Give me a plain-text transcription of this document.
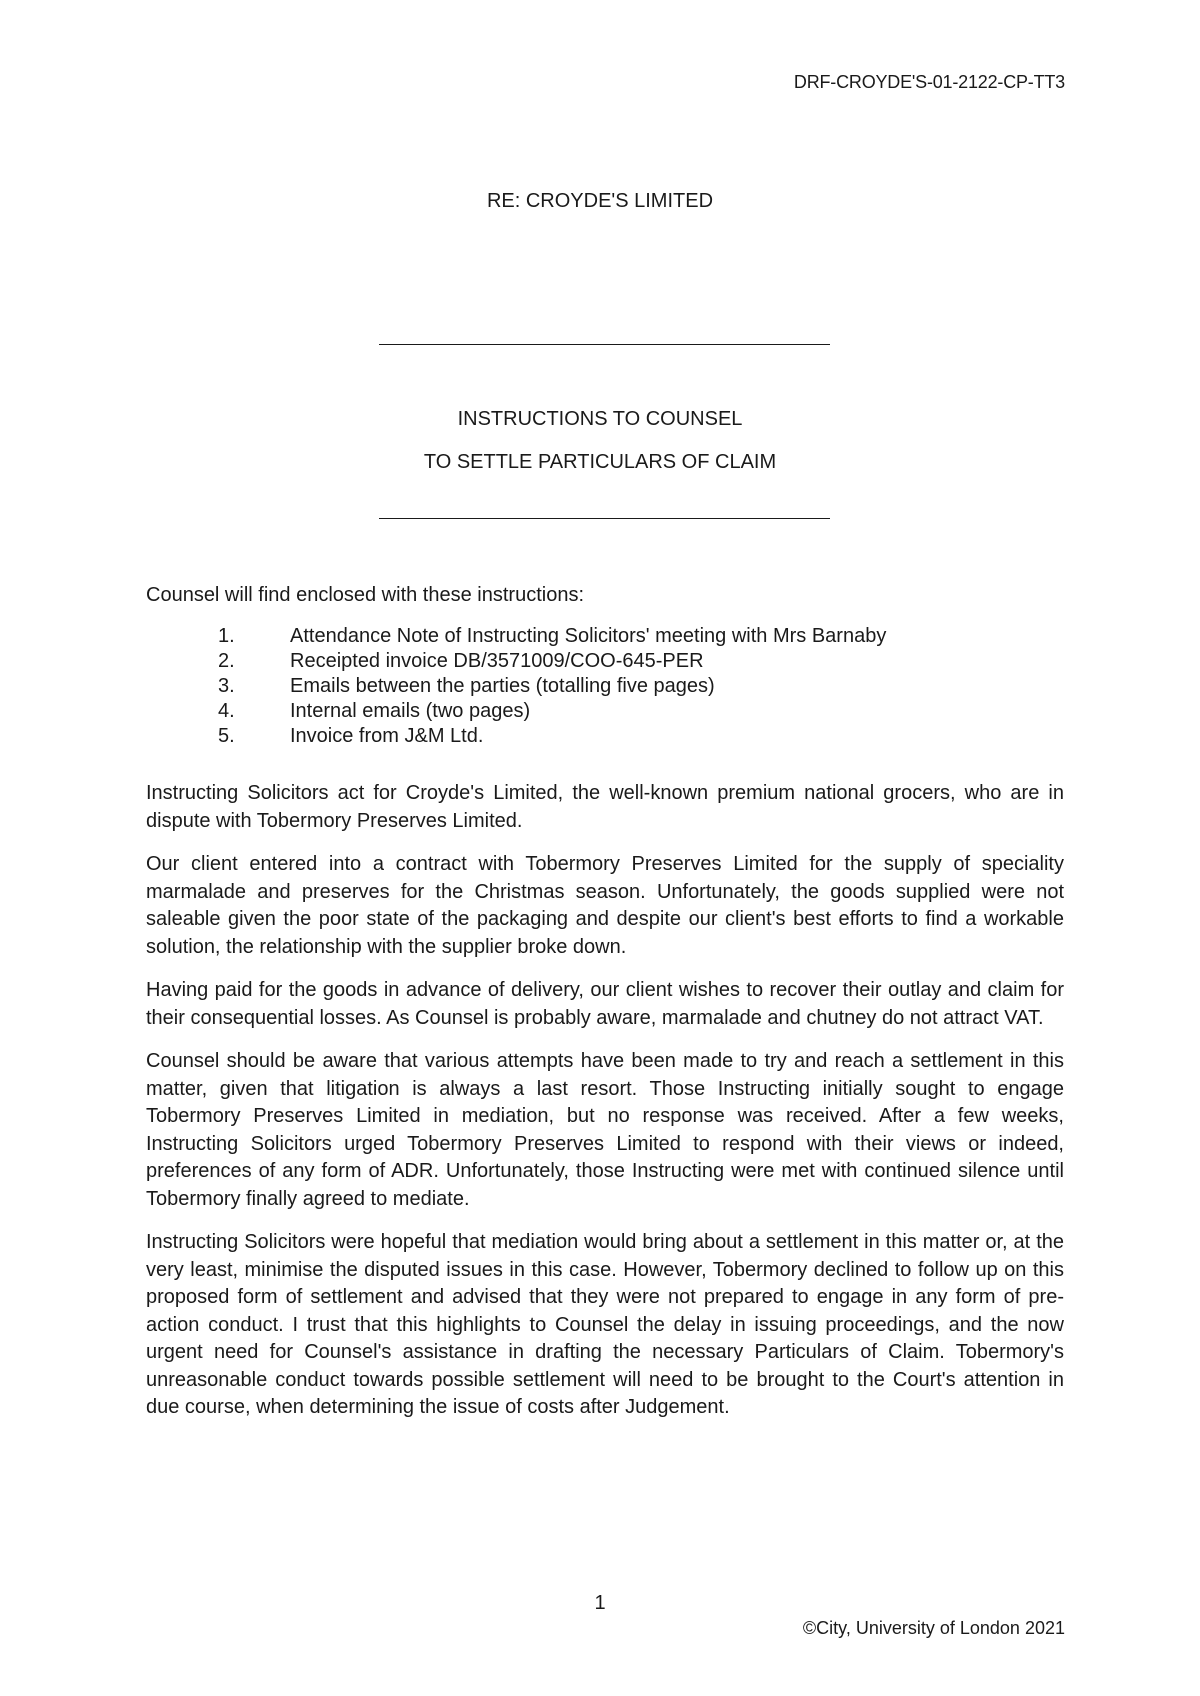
DRF-CROYDE'S-01-2122-CP-TT3
RE: CROYDE'S LIMITED
INSTRUCTIONS TO COUNSEL
TO SETTLE PARTICULARS OF CLAIM
Counsel will find enclosed with these instructions:
1.	Attendance Note of Instructing Solicitors' meeting with Mrs Barnaby
2.	Receipted invoice DB/3571009/COO-645-PER
3.	Emails between the parties (totalling five pages)
4.	Internal emails (two pages)
5.	Invoice from J&M Ltd.

Instructing Solicitors act for Croyde's Limited, the well-known premium national grocers, who are in dispute with Tobermory Preserves Limited.

Our client entered into a contract with Tobermory Preserves Limited for the supply of speciality marmalade and preserves for the Christmas season. Unfortunately, the goods supplied were not saleable given the poor state of the packaging and despite our client's best efforts to find a workable solution, the relationship with the supplier broke down.

Having paid for the goods in advance of delivery, our client wishes to recover their outlay and claim for their consequential losses. As Counsel is probably aware, marmalade and chutney do not attract VAT.

Counsel should be aware that various attempts have been made to try and reach a settlement in this matter, given that litigation is always a last resort. Those Instructing initially sought to engage Tobermory Preserves Limited in mediation, but no response was received. After a few weeks, Instructing Solicitors urged Tobermory Preserves Limited to respond with their views or indeed, preferences of any form of ADR. Unfortunately, those Instructing were met with continued silence until Tobermory finally agreed to mediate.

Instructing Solicitors were hopeful that mediation would bring about a settlement in this matter or, at the very least, minimise the disputed issues in this case. However, Tobermory declined to follow up on this proposed form of settlement and advised that they were not prepared to engage in any form of pre-action conduct. I trust that this highlights to Counsel the delay in issuing proceedings, and the now urgent need for Counsel's assistance in drafting the necessary Particulars of Claim. Tobermory's unreasonable conduct towards possible settlement will need to be brought to the Court's attention in due course, when determining the issue of costs after Judgement.

1
©City, University of London 2021
